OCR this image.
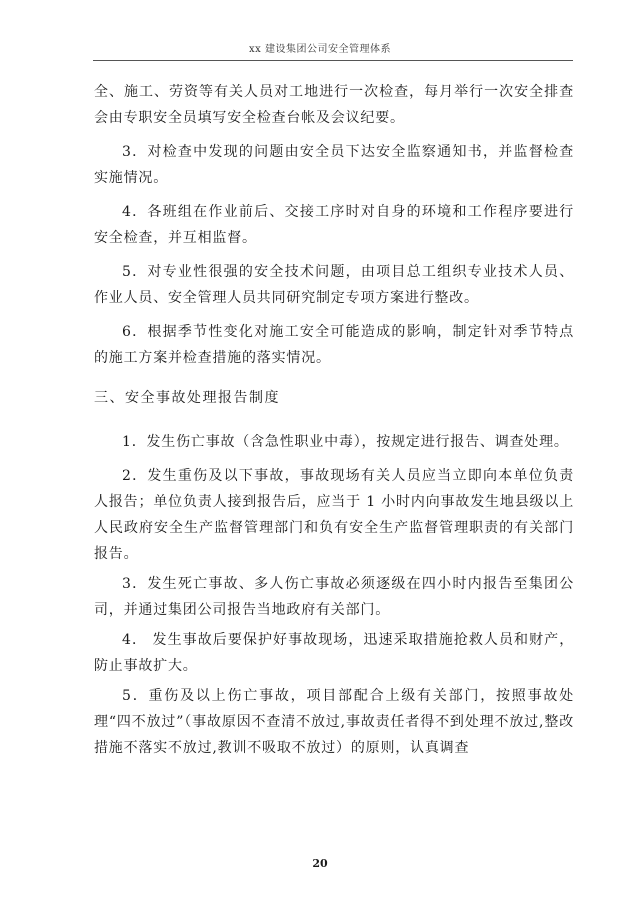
xx 建设集团公司安全管理体系

全、施工、劳资等有关人员对工地进行一次检查，每月举行一次安全排查会由专职安全员填写安全检查台帐及会议纪要。

3．对检查中发现的问题由安全员下达安全监察通知书，并监督检查实施情况。

4．各班组在作业前后、交接工序时对自身的环境和工作程序要进行安全检查，并互相监督。

5．对专业性很强的安全技术问题，由项目总工组织专业技术人员、作业人员、安全管理人员共同研究制定专项方案进行整改。

6．根据季节性变化对施工安全可能造成的影响，制定针对季节特点的施工方案并检查措施的落实情况。

三、安全事故处理报告制度

1．发生伤亡事故（含急性职业中毒），按规定进行报告、调查处理。

2．发生重伤及以下事故，事故现场有关人员应当立即向本单位负责人报告；单位负责人接到报告后，应当于 1 小时内向事故发生地县级以上人民政府安全生产监督管理部门和负有安全生产监督管理职责的有关部门报告。

3．发生死亡事故、多人伤亡事故必须逐级在四小时内报告至集团公司，并通过集团公司报告当地政府有关部门。

4． 发生事故后要保护好事故现场，迅速采取措施抢救人员和财产，防止事故扩大。

5．重伤及以上伤亡事故，项目部配合上级有关部门，按照事故处理“四不放过”（事故原因不查清不放过,事故责任者得不到处理不放过,整改措施不落实不放过,教训不吸取不放过）的原则，认真调查

20
